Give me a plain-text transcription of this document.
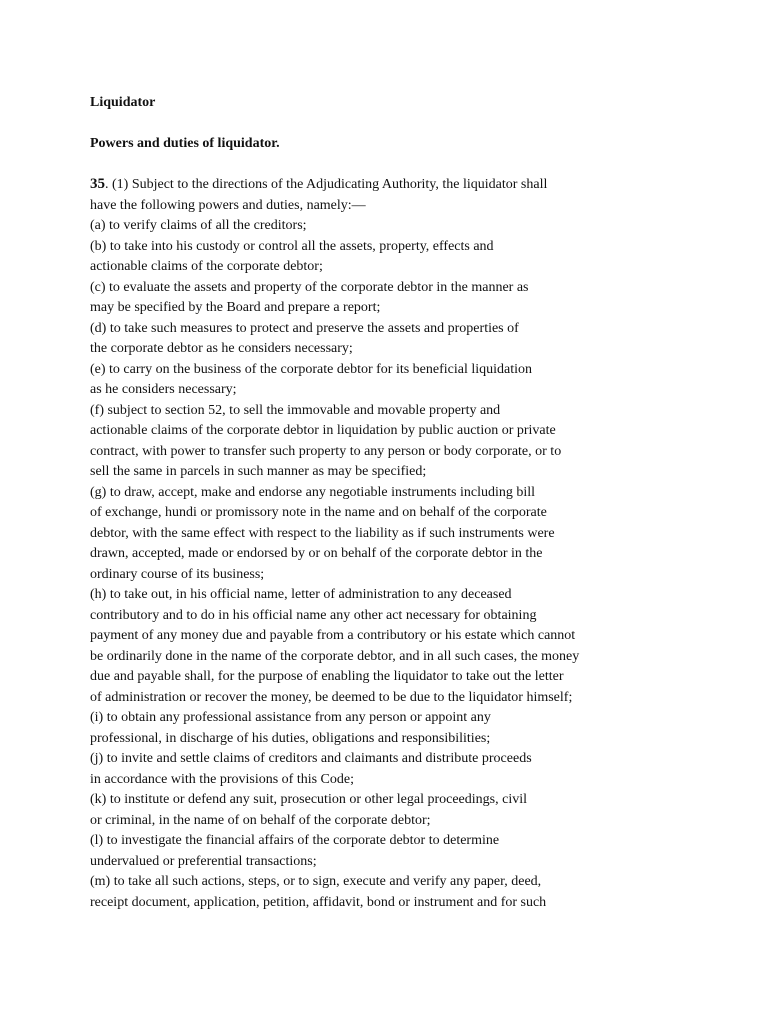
Liquidator
Powers and duties of liquidator.
35. (1) Subject to the directions of the Adjudicating Authority, the liquidator shall
have the following powers and duties, namely:—
(a) to verify claims of all the creditors;
(b) to take into his custody or control all the assets, property, effects and
actionable claims of the corporate debtor;
(c) to evaluate the assets and property of the corporate debtor in the manner as
may be specified by the Board and prepare a report;
(d) to take such measures to protect and preserve the assets and properties of
the corporate debtor as he considers necessary;
(e) to carry on the business of the corporate debtor for its beneficial liquidation
as he considers necessary;
(f) subject to section 52, to sell the immovable and movable property and
actionable claims of the corporate debtor in liquidation by public auction or private
contract, with power to transfer such property to any person or body corporate, or to
sell the same in parcels in such manner as may be specified;
(g) to draw, accept, make and endorse any negotiable instruments including bill
of exchange, hundi or promissory note in the name and on behalf of the corporate
debtor, with the same effect with respect to the liability as if such instruments were
drawn, accepted, made or endorsed by or on behalf of the corporate debtor in the
ordinary course of its business;
(h) to take out, in his official name, letter of administration to any deceased
contributory and to do in his official name any other act necessary for obtaining
payment of any money due and payable from a contributory or his estate which cannot
be ordinarily done in the name of the corporate debtor, and in all such cases, the money
due and payable shall, for the purpose of enabling the liquidator to take out the letter
of administration or recover the money, be deemed to be due to the liquidator himself;
(i) to obtain any professional assistance from any person or appoint any
professional, in discharge of his duties, obligations and responsibilities;
(j) to invite and settle claims of creditors and claimants and distribute proceeds
in accordance with the provisions of this Code;
(k) to institute or defend any suit, prosecution or other legal proceedings, civil
or criminal, in the name of on behalf of the corporate debtor;
(l) to investigate the financial affairs of the corporate debtor to determine
undervalued or preferential transactions;
(m) to take all such actions, steps, or to sign, execute and verify any paper, deed,
receipt document, application, petition, affidavit, bond or instrument and for such
